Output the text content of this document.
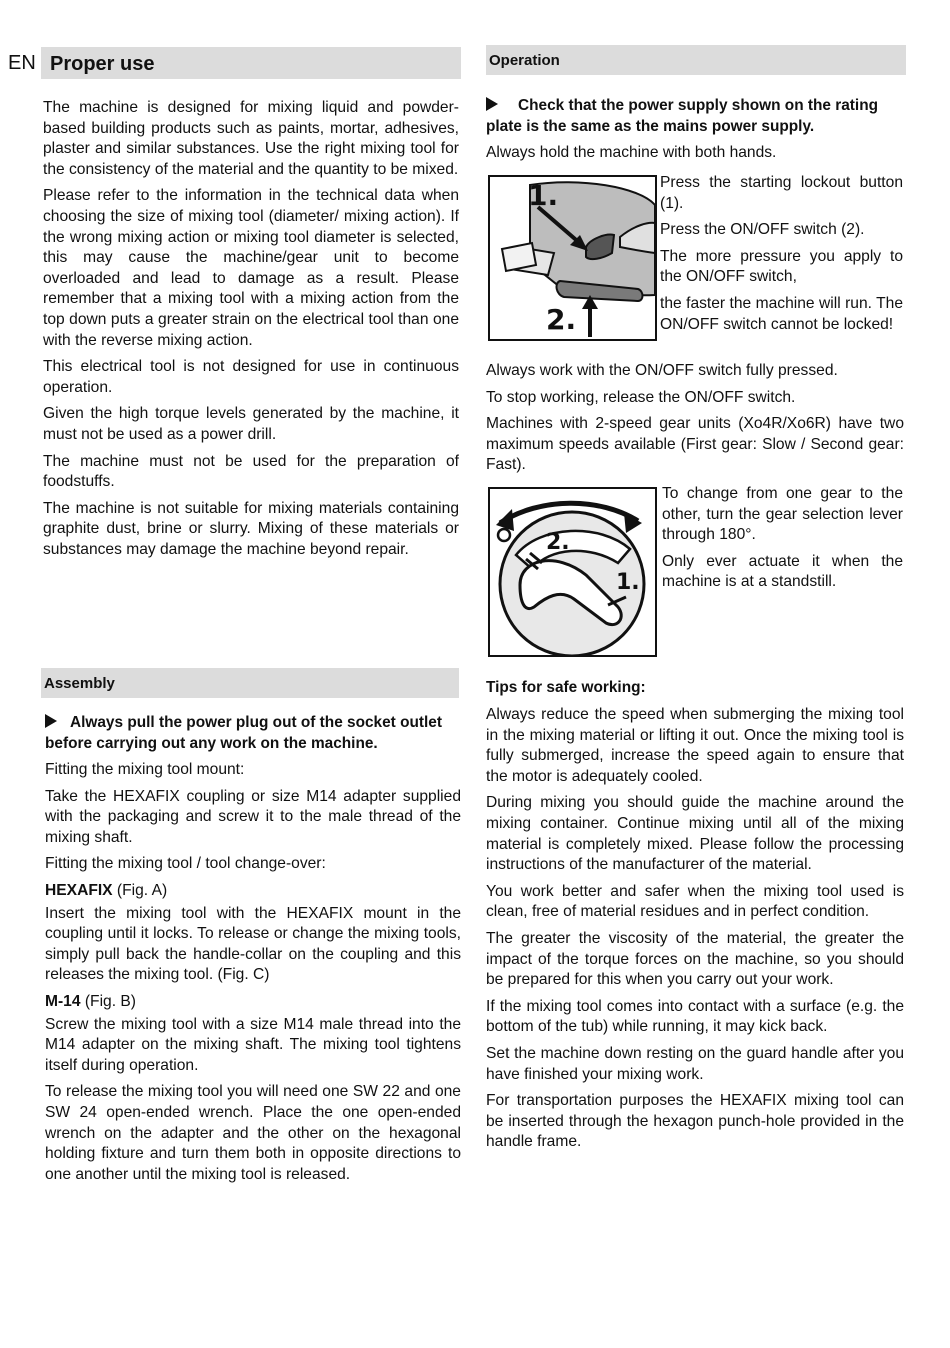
EN Proper use

The machine is designed for mixing liquid and powder-based building products such as paints, mortar, adhesives, plaster and similar substances. Use the right mixing tool for the consistency of the material and the quantity to be mixed.

Please refer to the information in the technical data when choosing the size of mixing tool (diameter/ mixing action). If the wrong mixing action or mixing tool diameter is selected, this may cause the machine/gear unit to become overloaded and lead to damage as a result. Please remember that a mixing tool with a mixing action from the top down puts a greater strain on the electrical tool than one with the reverse mixing action.

This electrical tool is not designed for use in continuous operation.

Given the high torque levels generated by the machine, it must not be used as a power drill.

The machine must not be used for the preparation of foodstuffs.

The machine is not suitable for mixing materials containing graphite dust, brine or slurry. Mixing of these materials or substances may damage the machine beyond repair.

Assembly
Always pull the power plug out of the socket outlet before carrying out any work on the machine.

Fitting the mixing tool mount:

Take the HEXAFIX coupling or size M14 adapter supplied with the packaging and screw it to the male thread of the mixing shaft.

Fitting the mixing tool / tool change-over:

HEXAFIX (Fig. A)

Insert the mixing tool with the HEXAFIX mount in the coupling until it locks. To release or change the mixing tools, simply pull back the handle-collar on the coupling and this releases the mixing tool. (Fig. C)

M-14 (Fig. B)

Screw the mixing tool with a size M14 male thread into the M14 adapter on the mixing shaft. The mixing tool tightens itself during operation.

To release the mixing tool you will need one SW 22 and one SW 24 open-ended wrench. Place the one open-ended wrench on the adapter and the other on the hexagonal holding fixture and turn them both in opposite directions to one another until the mixing tool is released.

Operation
Check that the power supply shown on the rating plate is the same as the mains power supply.

Always hold the machine with both hands.

1.
2.

Press the starting lockout button (1).

Press the ON/OFF switch (2).

The more pressure you apply to the ON/OFF switch,

the faster the machine will run. The ON/OFF switch cannot be locked!

Always work with the ON/OFF switch fully pressed.

To stop working, release the ON/OFF switch.

Machines with 2-speed gear units (Xo4R/Xo6R) have two maximum speeds available (First gear: Slow / Second gear: Fast).

2.
1.

To change from one gear to the other, turn the gear selection lever through 180°.

Only ever actuate it when the machine is at a standstill.

Tips for safe working:

Always reduce the speed when submerging the mixing tool in the mixing material or lifting it out. Once the mixing tool is fully submerged, increase the speed again to ensure that the motor is adequately cooled.

During mixing you should guide the machine around the mixing container. Continue mixing until all of the mixing material is completely mixed. Please follow the processing instructions of the manufacturer of the material.

You work better and safer when the mixing tool used is clean, free of material residues and in perfect condition.

The greater the viscosity of the material, the greater the impact of the torque forces on the machine, so you should be prepared for this when you carry out your work.

If the mixing tool comes into contact with a surface (e.g. the bottom of the tub) while running, it may kick back.

Set the machine down resting on the guard handle after you have finished your mixing work.

For transportation purposes the HEXAFIX mixing tool can be inserted through the hexagon punch-hole provided in the handle frame.
